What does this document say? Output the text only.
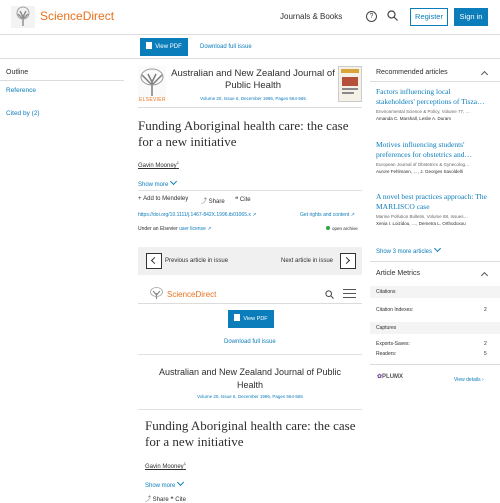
ScienceDirect	Journals & Books	?	Register	Sign in
View PDF	Download full issue
Outline
Reference
Cited by (2)
ELSEVIER
Australian and New Zealand Journal of Public Health
Volume 20, Issue 6, December 1996, Pages 564-565
Funding Aboriginal health care: the case for a new initiative
Gavin Mooney$^1$
Show more
+ Add to Mendeley ⤴ Share ❝ Cite
https://doi.org/10.1111/j.1467-842X.1996.tb01065.x ↗	Get rights and content ↗
Under an Elsevier user license ↗	open archive
Previous article in issue	Next article in issue
ScienceDirect
View PDF
Download full issue
Australian and New Zealand Journal of Public Health
Volume 20, Issue 6, December 1996, Pages 564-565
Funding Aboriginal health care: the case for a new initiative
Gavin Mooney$^1$
Show more
⤴ Share ❝ Cite
Recommended articles
Factors influencing local stakeholders' perceptions of Tisza…
Environmental Science & Policy, Volume 77, …
Amanda C. Marshall, Leslie A. Duram
Motives influencing students' preferences for obstetrics and…
European Journal of Obstetrics & Gynecolog…
Aurore Fehlmann, …, J. Georges Savoldelli
A novel best practices approach: The MARLISCO case
Marine Pollution Bulletin, Volume 88, Issues…
Xenia I. Loizidou, …, Demetra L. Orthodoxou
Show 3 more articles
Article Metrics
Citations
Citation Indexes:	2
Captures
Exports-Saves:	2
Readers:	5
✿PLUMX	View details ›
